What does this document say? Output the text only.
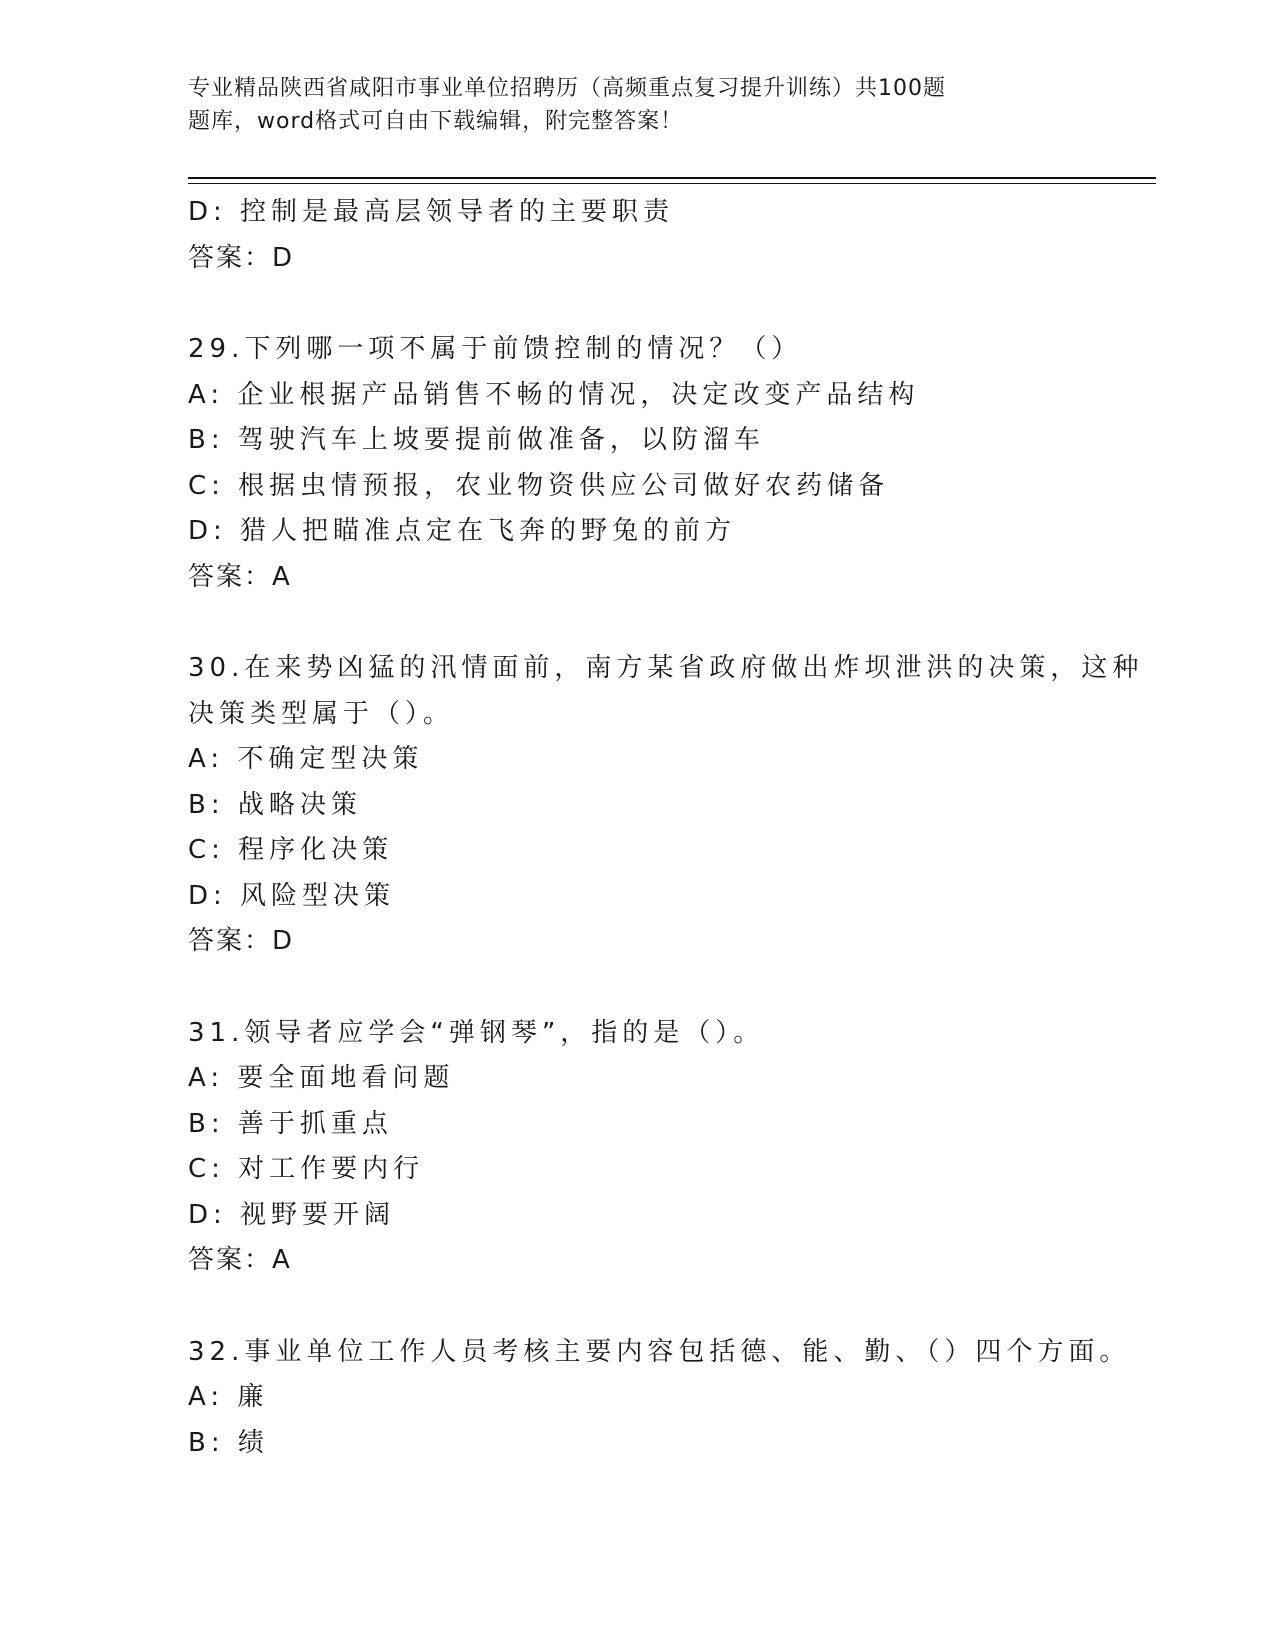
专业精品陕西省咸阳市事业单位招聘历（高频重点复习提升训练）共100题
题库，word格式可自由下载编辑，附完整答案！
D: 控制是最高层领导者的主要职责
答案：D
29.下列哪一项不属于前馈控制的情况？（）
A: 企业根据产品销售不畅的情况，决定改变产品结构
B: 驾驶汽车上坡要提前做准备，以防溜车
C: 根据虫情预报，农业物资供应公司做好农药储备
D: 猎人把瞄准点定在飞奔的野兔的前方
答案：A
30.在来势凶猛的汛情面前，南方某省政府做出炸坝泄洪的决策，这种
决策类型属于（）。
A: 不确定型决策
B: 战略决策
C: 程序化决策
D: 风险型决策
答案：D
31.领导者应学会“弹钢琴”，指的是（）。
A: 要全面地看问题
B: 善于抓重点
C: 对工作要内行
D: 视野要开阔
答案：A
32.事业单位工作人员考核主要内容包括德、能、勤、（）四个方面。
A: 廉
B: 绩
